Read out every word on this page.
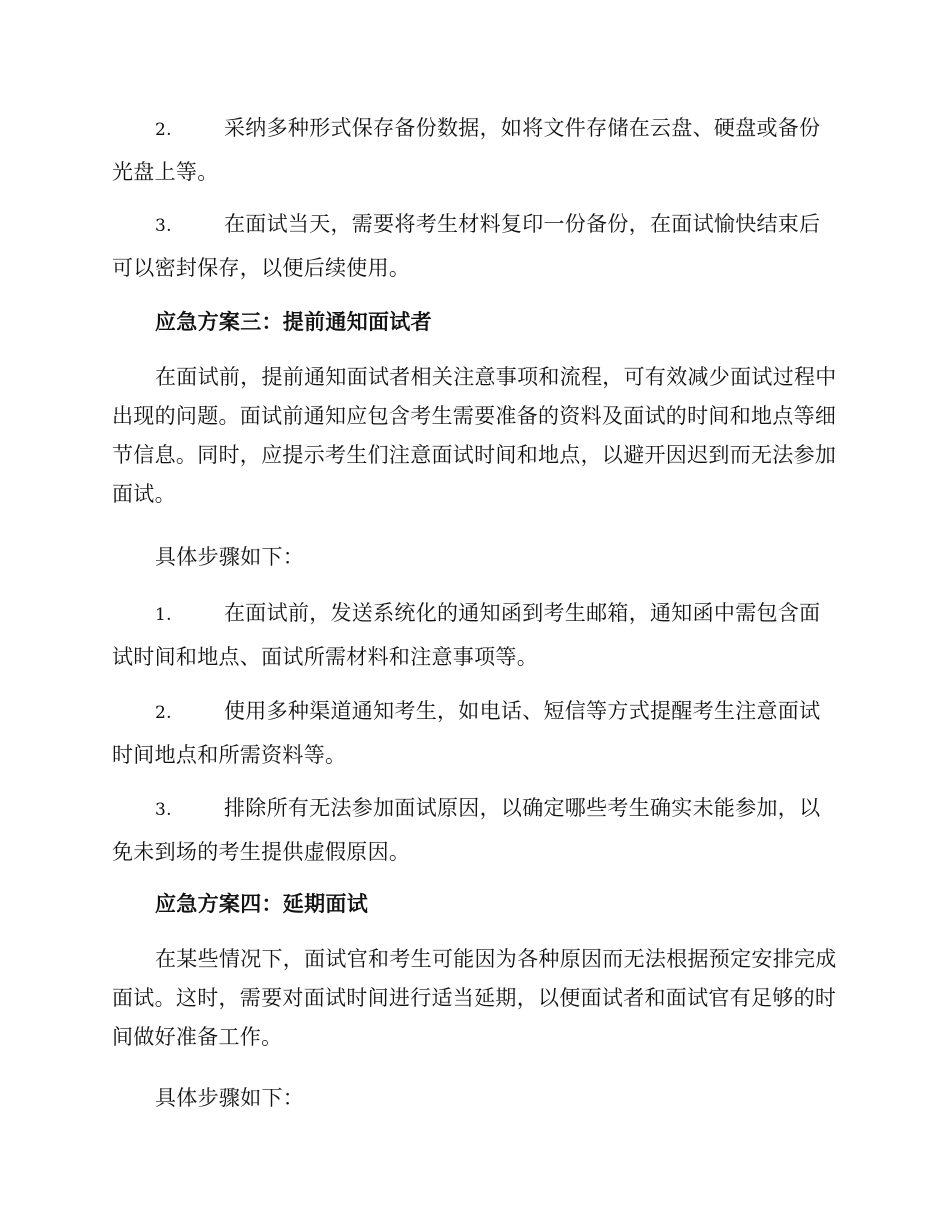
2. 采纳多种形式保存备份数据，如将文件存储在云盘、硬盘或备份光盘上等。
3. 在面试当天，需要将考生材料复印一份备份，在面试愉快结束后可以密封保存，以便后续使用。

应急方案三：提前通知面试者

在面试前，提前通知面试者相关注意事项和流程，可有效减少面试过程中出现的问题。面试前通知应包含考生需要准备的资料及面试的时间和地点等细节信息。同时，应提示考生们注意面试时间和地点，以避开因迟到而无法参加面试。

具体步骤如下：

1. 在面试前，发送系统化的通知函到考生邮箱，通知函中需包含面试时间和地点、面试所需材料和注意事项等。
2. 使用多种渠道通知考生，如电话、短信等方式提醒考生注意面试时间地点和所需资料等。
3. 排除所有无法参加面试原因，以确定哪些考生确实未能参加，以免未到场的考生提供虚假原因。

应急方案四：延期面试

在某些情况下，面试官和考生可能因为各种原因而无法根据预定安排完成面试。这时，需要对面试时间进行适当延期，以便面试者和面试官有足够的时间做好准备工作。

具体步骤如下：
